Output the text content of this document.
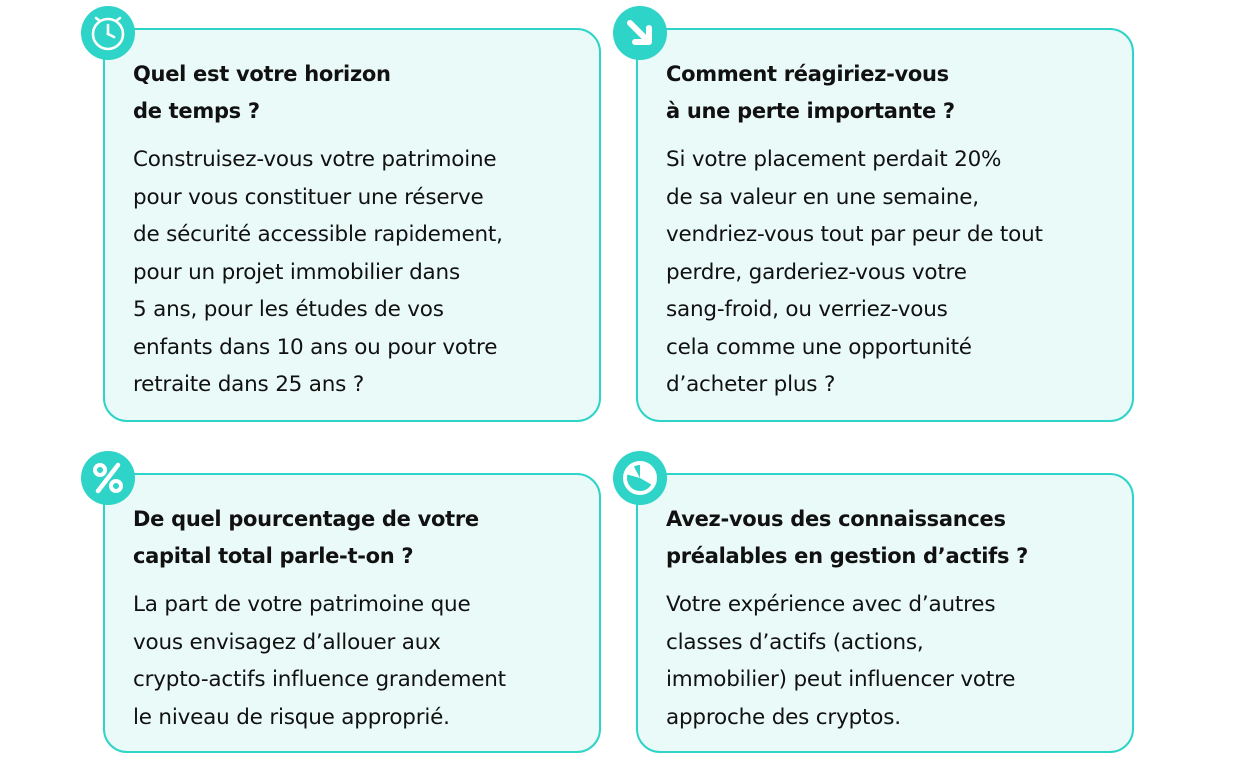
Quel est votre horizon
de temps ?

Construisez-vous votre patrimoine
pour vous constituer une réserve
de sécurité accessible rapidement,
pour un projet immobilier dans
5 ans, pour les études de vos
enfants dans 10 ans ou pour votre
retraite dans 25 ans ?

Comment réagiriez-vous
à une perte importante ?

Si votre placement perdait 20%
de sa valeur en une semaine,
vendriez-vous tout par peur de tout
perdre, garderiez-vous votre
sang-froid, ou verriez-vous
cela comme une opportunité
d’acheter plus ?

De quel pourcentage de votre
capital total parle-t-on ?

La part de votre patrimoine que
vous envisagez d’allouer aux
crypto-actifs influence grandement
le niveau de risque approprié.

Avez-vous des connaissances
préalables en gestion d’actifs ?

Votre expérience avec d’autres
classes d’actifs (actions,
immobilier) peut influencer votre
approche des cryptos.
